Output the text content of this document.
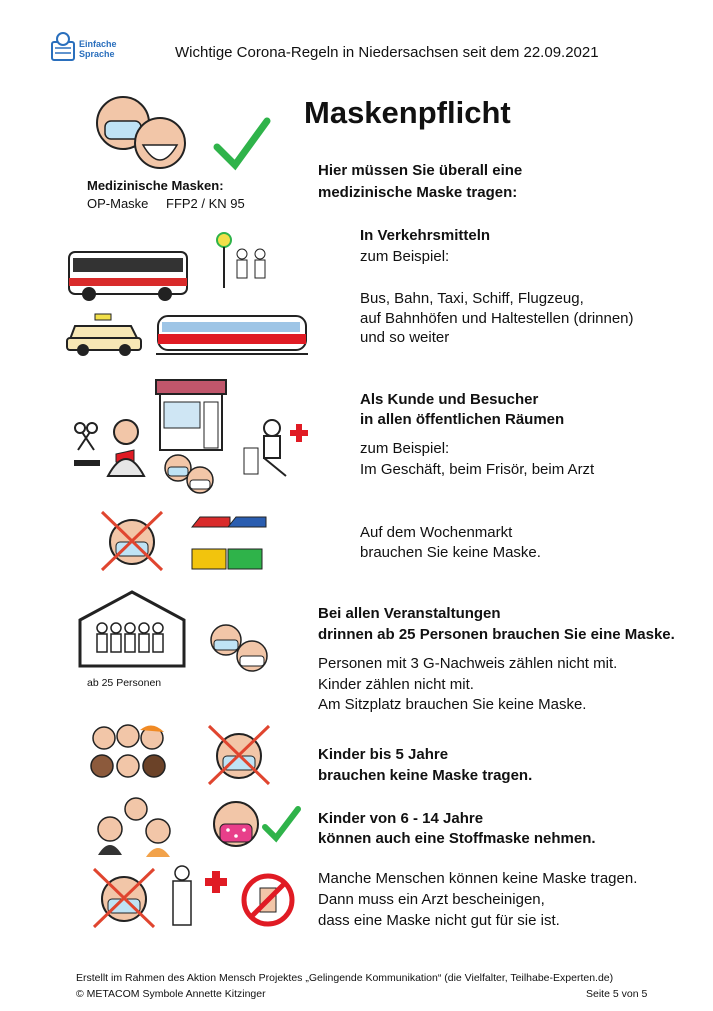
Einfache
Sprache	Wichtige Corona-Regeln in Niedersachsen seit dem 22.09.2021
Maskenpflicht
Medizinische Masken:
OP-Maske FFP2 / KN 95
Hier müssen Sie überall eine
medizinische Maske tragen:
In Verkehrsmitteln
zum Beispiel:
Bus, Bahn, Taxi, Schiff, Flugzeug,
auf Bahnhöfen und Haltestellen (drinnen)
und so weiter
Als Kunde und Besucher
in allen öffentlichen Räumen
zum Beispiel:
Im Geschäft, beim Frisör, beim Arzt
Auf dem Wochenmarkt
brauchen Sie keine Maske.
ab 25 Personen
Bei allen Veranstaltungen
drinnen ab 25 Personen brauchen Sie eine Maske.
Personen mit 3 G-Nachweis zählen nicht mit.
Kinder zählen nicht mit.
Am Sitzplatz brauchen Sie keine Maske.
Kinder bis 5 Jahre
brauchen keine Maske tragen.
Kinder von 6 - 14 Jahre
können auch eine Stoffmaske nehmen.
Manche Menschen können keine Maske tragen.
Dann muss ein Arzt bescheinigen,
dass eine Maske nicht gut für sie ist.
Erstellt im Rahmen des Aktion Mensch Projektes „Gelingende Kommunikation“ (die Vielfalter, Teilhabe-Experten.de)
© METACOM Symbole Annette Kitzinger	Seite 5 von 5
